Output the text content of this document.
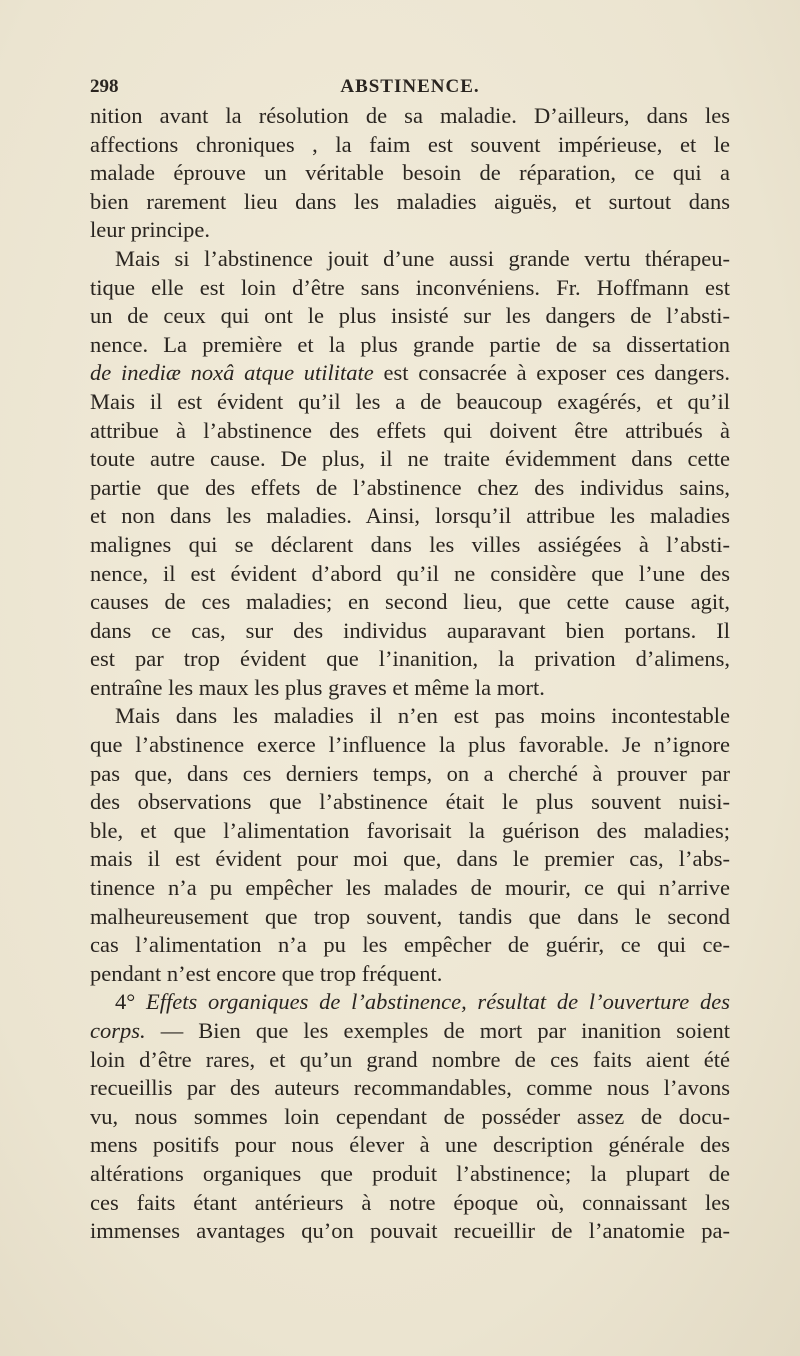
298	ABSTINENCE.
nition avant la résolution de sa maladie. D’ailleurs, dans les
affections chroniques , la faim est souvent impérieuse, et le
malade éprouve un véritable besoin de réparation, ce qui a
bien rarement lieu dans les maladies aiguës, et surtout dans
leur principe.
Mais si l’abstinence jouit d’une aussi grande vertu thérapeu-
tique elle est loin d’être sans inconvéniens. Fr. Hoffmann est
un de ceux qui ont le plus insisté sur les dangers de l’absti-
nence. La première et la plus grande partie de sa dissertation
de inediæ noxâ atque utilitate est consacrée à exposer ces dangers.
Mais il est évident qu’il les a de beaucoup exagérés, et qu’il
attribue à l’abstinence des effets qui doivent être attribués à
toute autre cause. De plus, il ne traite évidemment dans cette
partie que des effets de l’abstinence chez des individus sains,
et non dans les maladies. Ainsi, lorsqu’il attribue les maladies
malignes qui se déclarent dans les villes assiégées à l’absti-
nence, il est évident d’abord qu’il ne considère que l’une des
causes de ces maladies; en second lieu, que cette cause agit,
dans ce cas, sur des individus auparavant bien portans. Il
est par trop évident que l’inanition, la privation d’alimens,
entraîne les maux les plus graves et même la mort.
Mais dans les maladies il n’en est pas moins incontestable
que l’abstinence exerce l’influence la plus favorable. Je n’ignore
pas que, dans ces derniers temps, on a cherché à prouver par
des observations que l’abstinence était le plus souvent nuisi-
ble, et que l’alimentation favorisait la guérison des maladies;
mais il est évident pour moi que, dans le premier cas, l’abs-
tinence n’a pu empêcher les malades de mourir, ce qui n’arrive
malheureusement que trop souvent, tandis que dans le second
cas l’alimentation n’a pu les empêcher de guérir, ce qui ce-
pendant n’est encore que trop fréquent.
4° Effets organiques de l’abstinence, résultat de l’ouverture des
corps. — Bien que les exemples de mort par inanition soient
loin d’être rares, et qu’un grand nombre de ces faits aient été
recueillis par des auteurs recommandables, comme nous l’avons
vu, nous sommes loin cependant de posséder assez de docu-
mens positifs pour nous élever à une description générale des
altérations organiques que produit l’abstinence; la plupart de
ces faits étant antérieurs à notre époque où, connaissant les
immenses avantages qu’on pouvait recueillir de l’anatomie pa-
